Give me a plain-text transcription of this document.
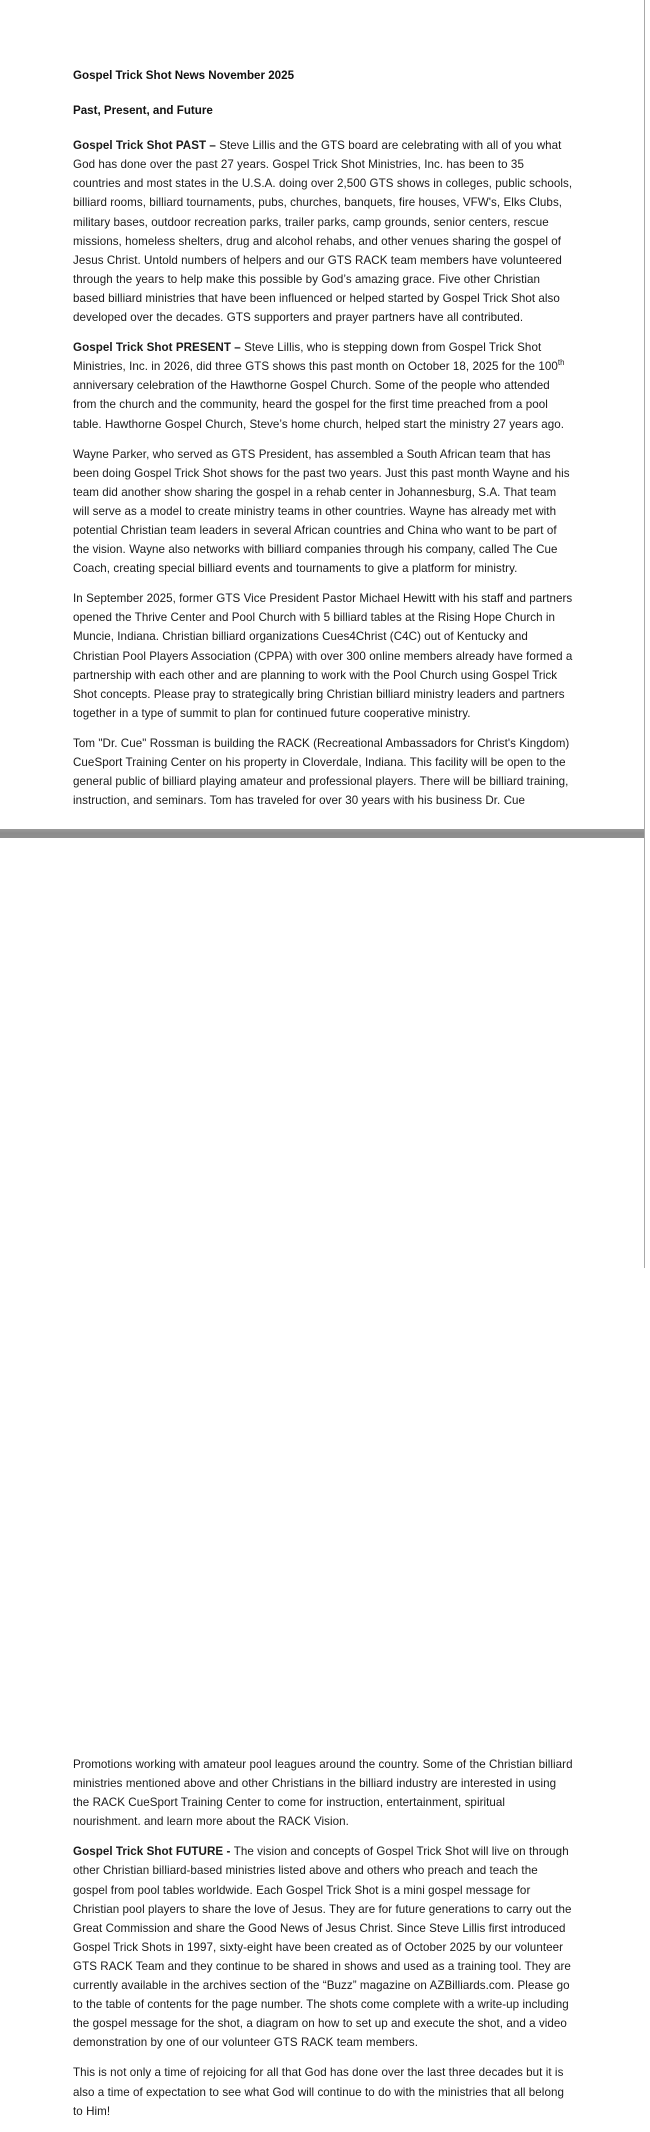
Gospel Trick Shot News November 2025

Past, Present, and Future

Gospel Trick Shot PAST – Steve Lillis and the GTS board are celebrating with all of you what God has done over the past 27 years. Gospel Trick Shot Ministries, Inc. has been to 35 countries and most states in the U.S.A. doing over 2,500 GTS shows in colleges, public schools, billiard rooms, billiard tournaments, pubs, churches, banquets, fire houses, VFW's, Elks Clubs, military bases, outdoor recreation parks, trailer parks, camp grounds, senior centers, rescue missions, homeless shelters, drug and alcohol rehabs, and other venues sharing the gospel of Jesus Christ. Untold numbers of helpers and our GTS RACK team members have volunteered through the years to help make this possible by God’s amazing grace. Five other Christian based billiard ministries that have been influenced or helped started by Gospel Trick Shot also developed over the decades. GTS supporters and prayer partners have all contributed.

Gospel Trick Shot PRESENT – Steve Lillis, who is stepping down from Gospel Trick Shot Ministries, Inc. in 2026, did three GTS shows this past month on October 18, 2025 for the 100th anniversary celebration of the Hawthorne Gospel Church. Some of the people who attended from the church and the community, heard the gospel for the first time preached from a pool table. Hawthorne Gospel Church, Steve’s home church, helped start the ministry 27 years ago.

Wayne Parker, who served as GTS President, has assembled a South African team that has been doing Gospel Trick Shot shows for the past two years. Just this past month Wayne and his team did another show sharing the gospel in a rehab center in Johannesburg, S.A. That team will serve as a model to create ministry teams in other countries. Wayne has already met with potential Christian team leaders in several African countries and China who want to be part of the vision. Wayne also networks with billiard companies through his company, called The Cue Coach, creating special billiard events and tournaments to give a platform for ministry.

In September 2025, former GTS Vice President Pastor Michael Hewitt with his staff and partners opened the Thrive Center and Pool Church with 5 billiard tables at the Rising Hope Church in Muncie, Indiana. Christian billiard organizations Cues4Christ (C4C) out of Kentucky and Christian Pool Players Association (CPPA) with over 300 online members already have formed a partnership with each other and are planning to work with the Pool Church using Gospel Trick Shot concepts. Please pray to strategically bring Christian billiard ministry leaders and partners together in a type of summit to plan for continued future cooperative ministry.

Tom "Dr. Cue" Rossman is building the RACK (Recreational Ambassadors for Christ's Kingdom) CueSport Training Center on his property in Cloverdale, Indiana. This facility will be open to the general public of billiard playing amateur and professional players. There will be billiard training, instruction, and seminars. Tom has traveled for over 30 years with his business Dr. Cue

Promotions working with amateur pool leagues around the country. Some of the Christian billiard ministries mentioned above and other Christians in the billiard industry are interested in using the RACK CueSport Training Center to come for instruction, entertainment, spiritual nourishment. and learn more about the RACK Vision.

Gospel Trick Shot FUTURE - The vision and concepts of Gospel Trick Shot will live on through other Christian billiard-based ministries listed above and others who preach and teach the gospel from pool tables worldwide. Each Gospel Trick Shot is a mini gospel message for Christian pool players to share the love of Jesus. They are for future generations to carry out the Great Commission and share the Good News of Jesus Christ. Since Steve Lillis first introduced Gospel Trick Shots in 1997, sixty-eight have been created as of October 2025 by our volunteer GTS RACK Team and they continue to be shared in shows and used as a training tool. They are currently available in the archives section of the “Buzz” magazine on AZBilliards.com. Please go to the table of contents for the page number. The shots come complete with a write-up including the gospel message for the shot, a diagram on how to set up and execute the shot, and a video demonstration by one of our volunteer GTS RACK team members.

This is not only a time of rejoicing for all that God has done over the last three decades but it is also a time of expectation to see what God will continue to do with the ministries that all belong to Him!
